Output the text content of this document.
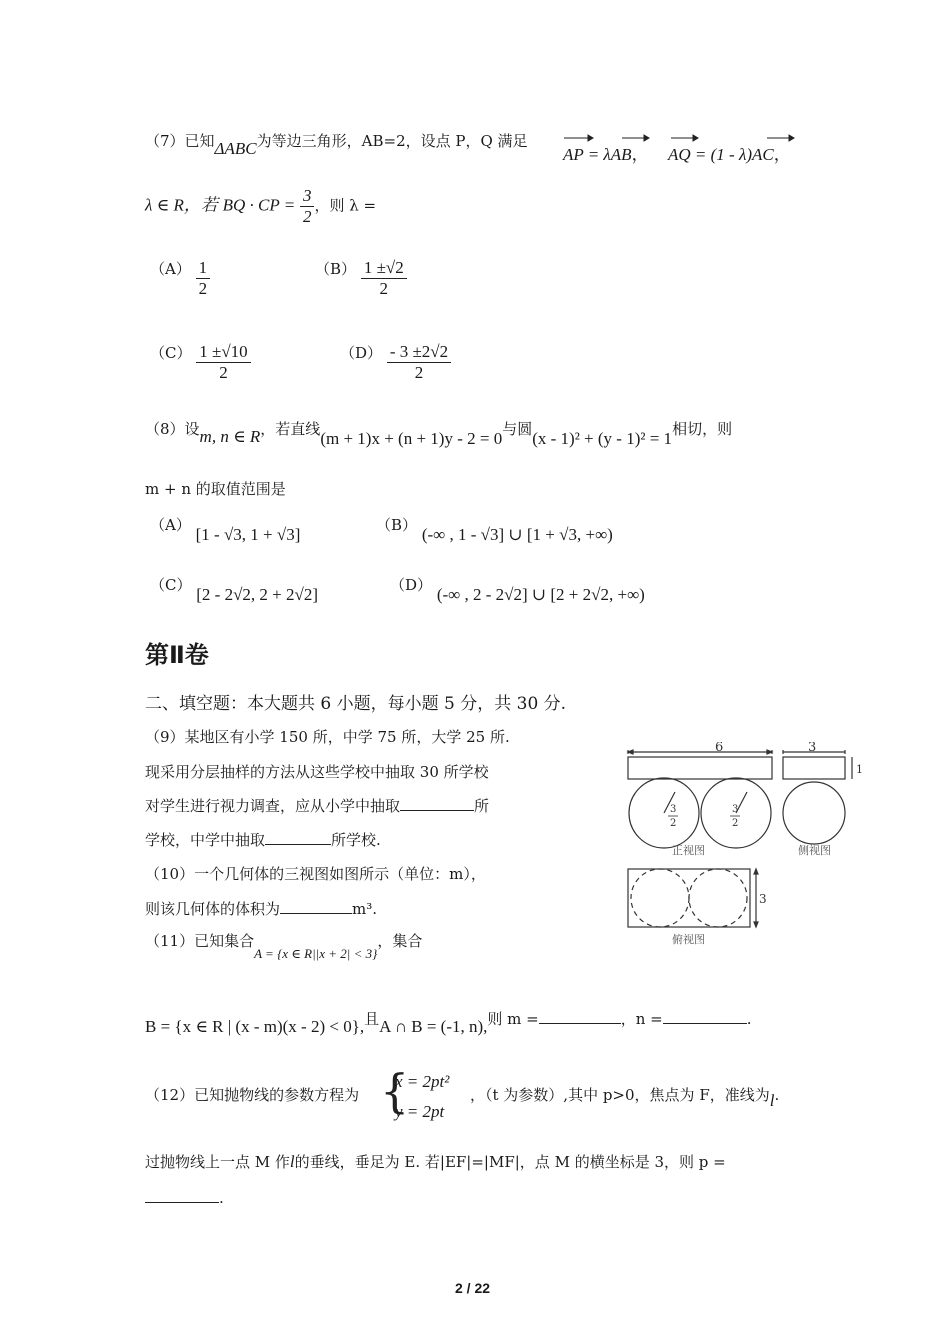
（7）已知ΔABC为等边三角形，AB=2，设点 P，Q 满足
AP = λAB， AQ = (1 - λ)AC，
λ ∈ R，若 BQ · CP = $\frac{3}{2}$ ，则 λ =
$(A) \frac{1}{2}$	$(B) \frac{1 \pm√2}{2}$
$(C) \frac{1 \pm√10}{2}$	$(D) \frac{- 3 \pm 2√2}{2}$
（8）设m, n ∈ R，若直线(m + 1)x + (n + 1)y - 2 = 0与圆(x - 1)² + (y - 1)² = 1相切，则
m + n 的取值范围是
（A） [1 - √3, 1 + √3]	（B） (-∞ , 1 - √3] ∪ [1 + √3, +∞)
（C） [2 - 2√2, 2 + 2√2]	（D） (-∞ , 2 - 2√2] ∪ [2 + 2√2, +∞)
第Ⅱ卷
二、填空题：本大题共 6 小题，每小题 5 分，共 30 分.
（9）某地区有小学 150 所，中学 75 所，大学 25 所.
现采用分层抽样的方法从这些学校中抽取 30 所学校
对学生进行视力调查，应从小学中抽取	所
学校，中学中抽取	所学校.
（10）一个几何体的三视图如图所示（单位：m），
则该几何体的体积为	m³.
（11）已知集合A = {x ∈ R||x + 2| < 3}，集合
B = {x ∈ R | (x - m)(x - 2) < 0},且A ∩ B = (-1, n),则 m =	，n =	.
（12）已知抛物线的参数方程为 {
x = 2pt²
y = 2pt
，（t 为参数）,其中 p>0，焦点为 F，准线为l.
过抛物线上一点 M 作l的垂线，垂足为 E. 若|EF|=|MF|，点 M 的横坐标是 3，则 p =
.
6
3
2
3
2
正视图
3
1
侧视图
3
俯视图
2 / 22
